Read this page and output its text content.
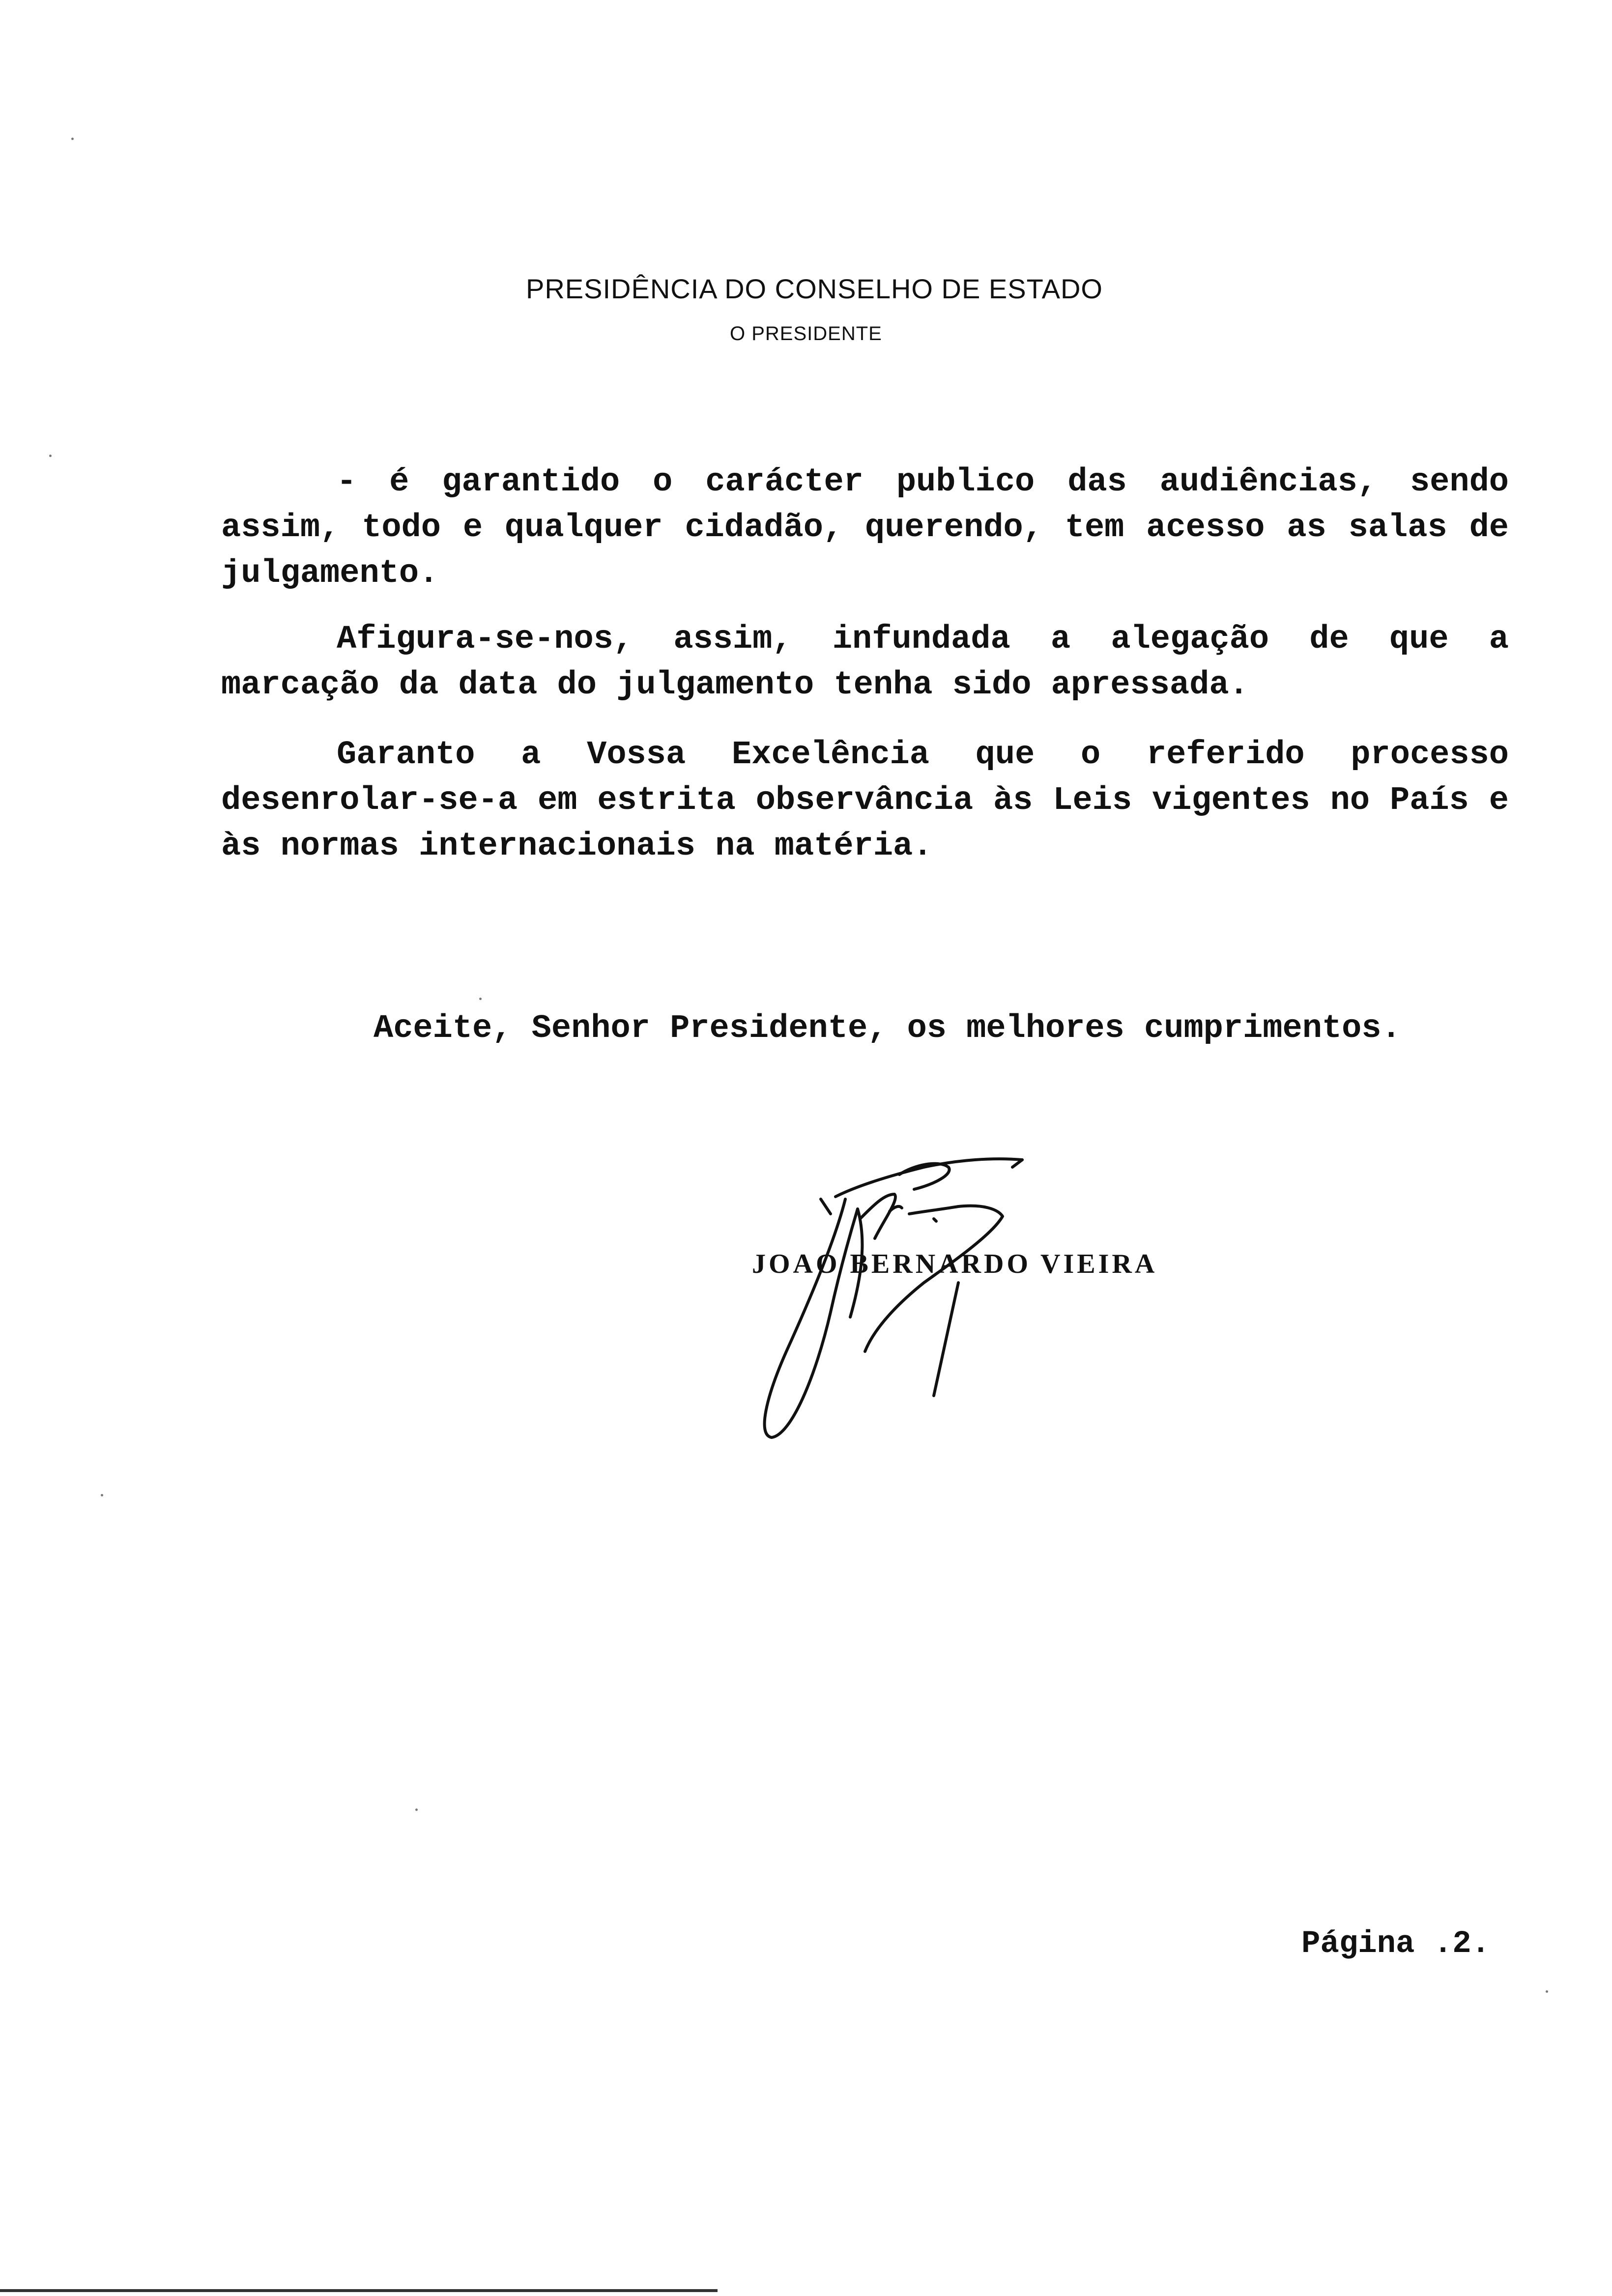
PRESIDÊNCIA DO CONSELHO DE ESTADO
O PRESIDENTE

- é garantido o carácter publico das audiências, sendo assim, todo e qualquer cidadão, querendo, tem acesso as salas de julgamento.

Afigura-se-nos, assim, infundada a alegação de que a marcação da data do julgamento tenha sido apressada.

Garanto a Vossa Excelência que o referido processo desenrolar-se-a em estrita observância às Leis vigentes no País e às normas internacionais na matéria.

Aceite, Senhor Presidente, os melhores cumprimentos.
JOAO BERNARDO VIEIRA
Página .2.
